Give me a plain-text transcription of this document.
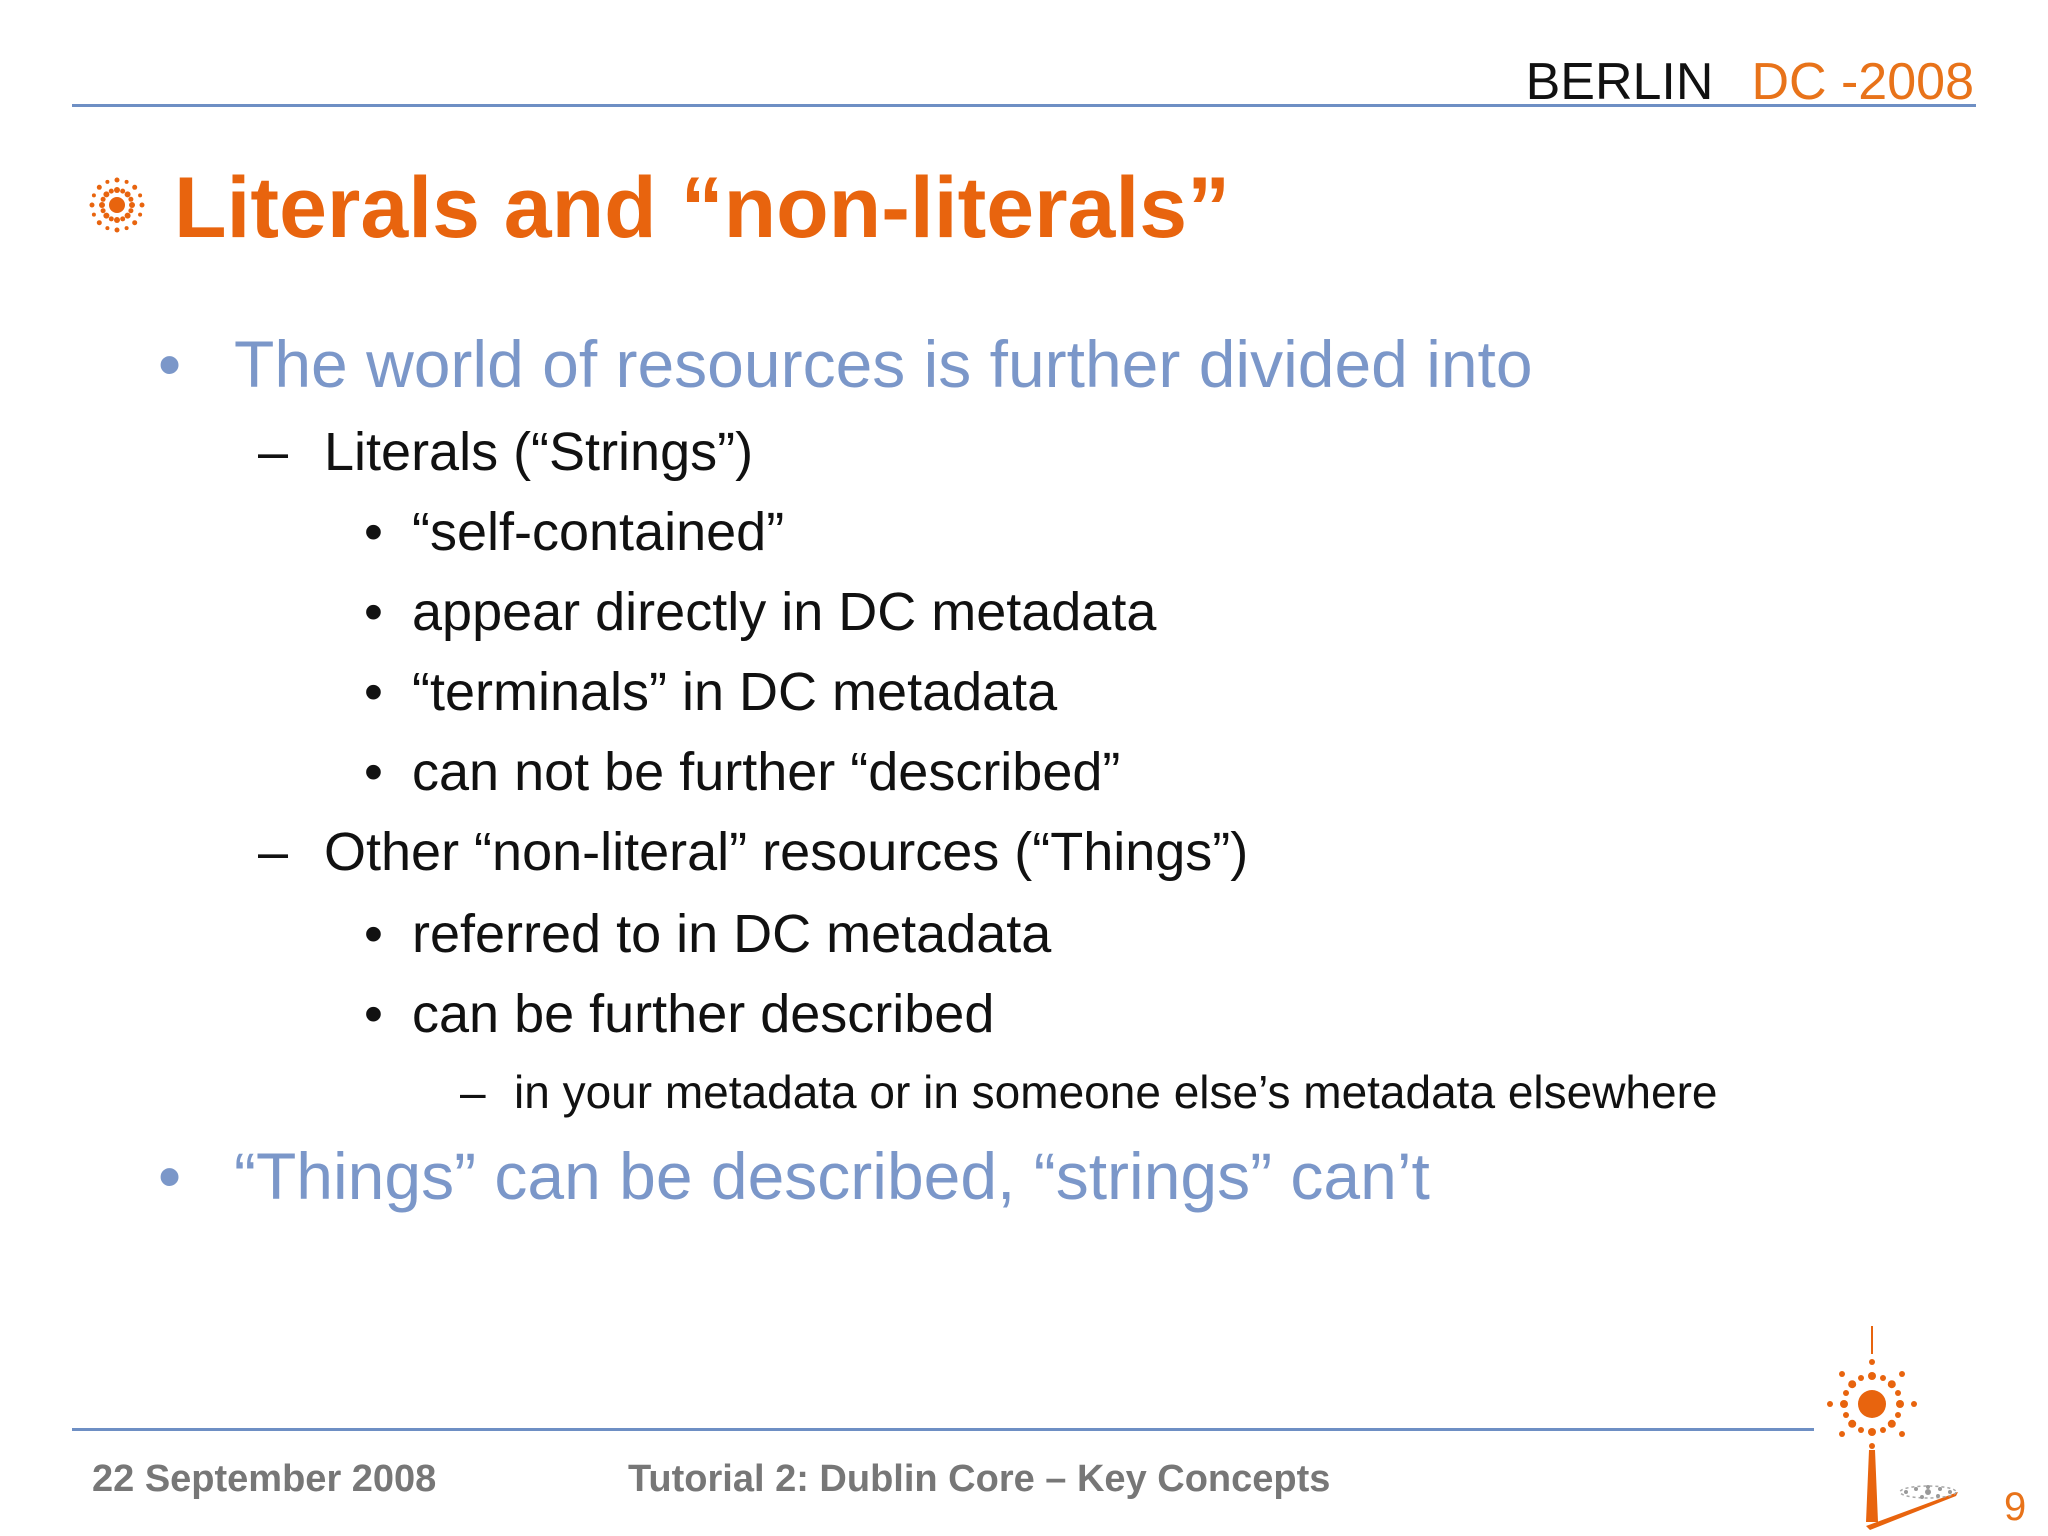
BERLIN DC -2008
Literals and “non-literals”
• The world of resources is further divided into
– Literals (“Strings”)
• “self-contained”
• appear directly in DC metadata
• “terminals” in DC metadata
• can not be further “described”
– Other “non-literal” resources (“Things”)
• referred to in DC metadata
• can be further described
– in your metadata or in someone else’s metadata elsewhere
• “Things” can be described, “strings” can’t
22 September 2008	Tutorial 2: Dublin Core – Key Concepts
9
